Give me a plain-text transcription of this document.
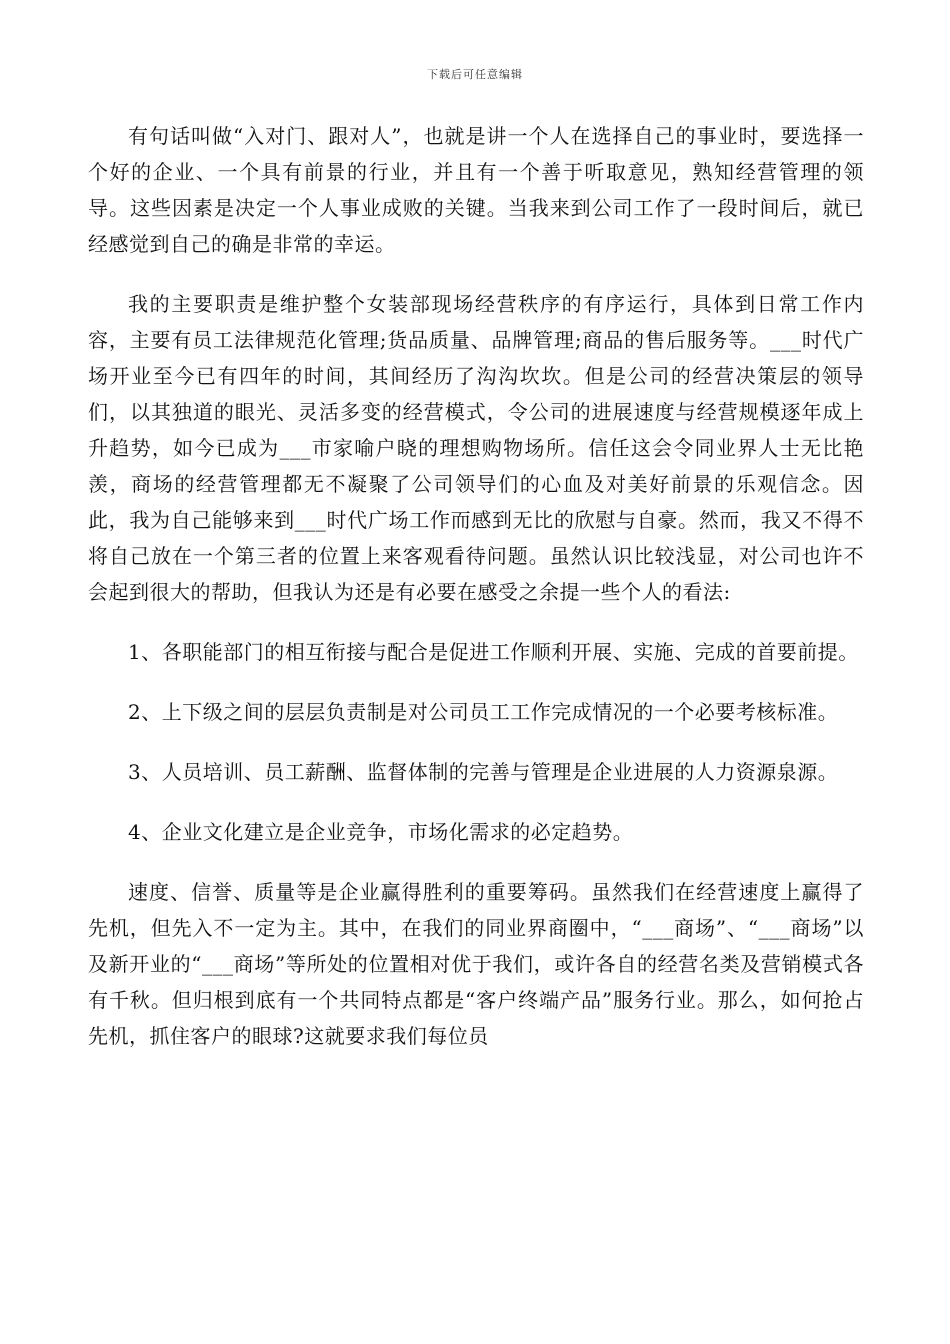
下载后可任意编辑

有句话叫做“入对门、跟对人”，也就是讲一个人在选择自己的事业时，要选择一个好的企业、一个具有前景的行业，并且有一个善于听取意见，熟知经营管理的领导。这些因素是决定一个人事业成败的关键。当我来到公司工作了一段时间后，就已经感觉到自己的确是非常的幸运。

我的主要职责是维护整个女装部现场经营秩序的有序运行，具体到日常工作内容，主要有员工法律规范化管理;货品质量、品牌管理;商品的售后服务等。___时代广场开业至今已有四年的时间，其间经历了沟沟坎坎。但是公司的经营决策层的领导们，以其独道的眼光、灵活多变的经营模式，令公司的进展速度与经营规模逐年成上升趋势，如今已成为___市家喻户晓的理想购物场所。信任这会令同业界人士无比艳羡，商场的经营管理都无不凝聚了公司领导们的心血及对美好前景的乐观信念。因此，我为自己能够来到___时代广场工作而感到无比的欣慰与自豪。然而，我又不得不将自己放在一个第三者的位置上来客观看待问题。虽然认识比较浅显，对公司也许不会起到很大的帮助，但我认为还是有必要在感受之余提一些个人的看法:

1、各职能部门的相互衔接与配合是促进工作顺利开展、实施、完成的首要前提。

2、上下级之间的层层负责制是对公司员工工作完成情况的一个必要考核标准。

3、人员培训、员工薪酬、监督体制的完善与管理是企业进展的人力资源泉源。

4、企业文化建立是企业竞争，市场化需求的必定趋势。

速度、信誉、质量等是企业赢得胜利的重要筹码。虽然我们在经营速度上赢得了先机，但先入不一定为主。其中，在我们的同业界商圈中，“___商场”、“___商场”以及新开业的“___商场”等所处的位置相对优于我们，或许各自的经营名类及营销模式各有千秋。但归根到底有一个共同特点都是“客户终端产品”服务行业。那么，如何抢占先机，抓住客户的眼球?这就要求我们每位员
